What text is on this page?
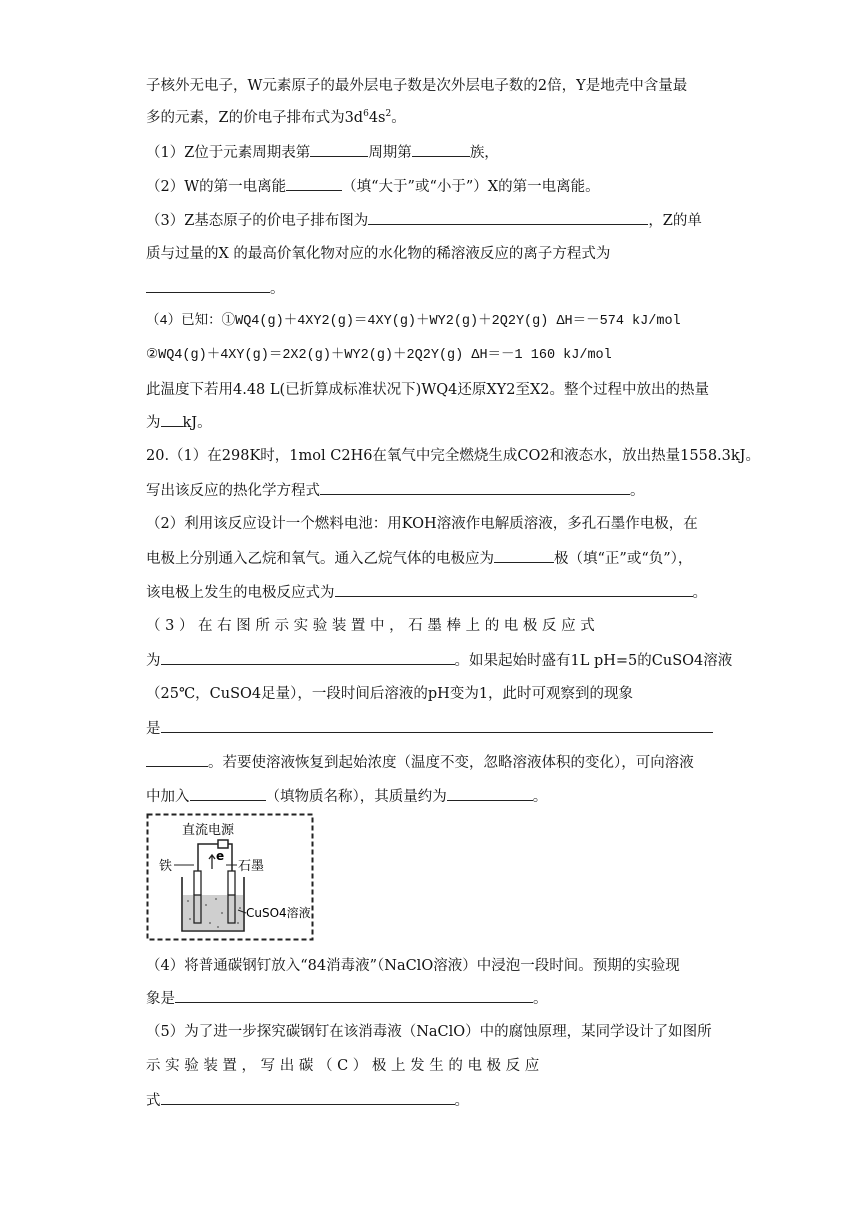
子核外无电子，W元素原子的最外层电子数是次外层电子数的2倍，Y是地壳中含量最
多的元素，Z的价电子排布式为$3d^64s^2$。
（1）Z位于元素周期表第	周期第	族，
（2）W的第一电离能	（填“大于”或“小于”）X的第一电离能。
（3）Z基态原子的价电子排布图为	，Z的单
质与过量的X 的最高价氧化物对应的水化物的稀溶液反应的离子方程式为
。
（4）已知：①WQ4(g)＋4XY2(g)＝4XY(g)＋WY2(g)＋2Q2Y(g) ΔH＝－574 kJ/mol
②WQ4(g)＋4XY(g)＝2X2(g)＋WY2(g)＋2Q2Y(g) ΔH＝－1 160 kJ/mol
此温度下若用4.48 L(已折算成标准状况下)WQ4还原XY2至X2。整个过程中放出的热量
为 kJ。
20.（1）在298K时，1mol C2H6在氧气中完全燃烧生成CO2和液态水，放出热量1558.3kJ。
写出该反应的热化学方程式	。
（2）利用该反应设计一个燃料电池：用KOH溶液作电解质溶液，多孔石墨作电极，在
电极上分别通入乙烷和氧气。通入乙烷气体的电极应为	极（填“正”或“负”），
该电极上发生的电极反应式为	。
（ 3 ） 在 右 图 所 示 实 验 装 置 中 ， 石 墨 棒 上 的 电 极 反 应 式
为	。如果起始时盛有1L pH=5的CuSO4溶液
（25℃，CuSO4足量），一段时间后溶液的pH变为1，此时可观察到的现象
是
。若要使溶液恢复到起始浓度（温度不变，忽略溶液体积的变化），可向溶液
中加入	（填物质名称），其质量约为	。
直流电源
e
铁	石墨
CuSO4溶液
（4）将普通碳钢钉放入“84消毒液”（NaClO溶液）中浸泡一段时间。预期的实验现
象是	。
（5）为了进一步探究碳钢钉在该消毒液（NaClO）中的腐蚀原理，某同学设计了如图所
示 实 验 装 置 ， 写 出 碳 （ C ） 极 上 发 生 的 电 极 反 应
式	。
